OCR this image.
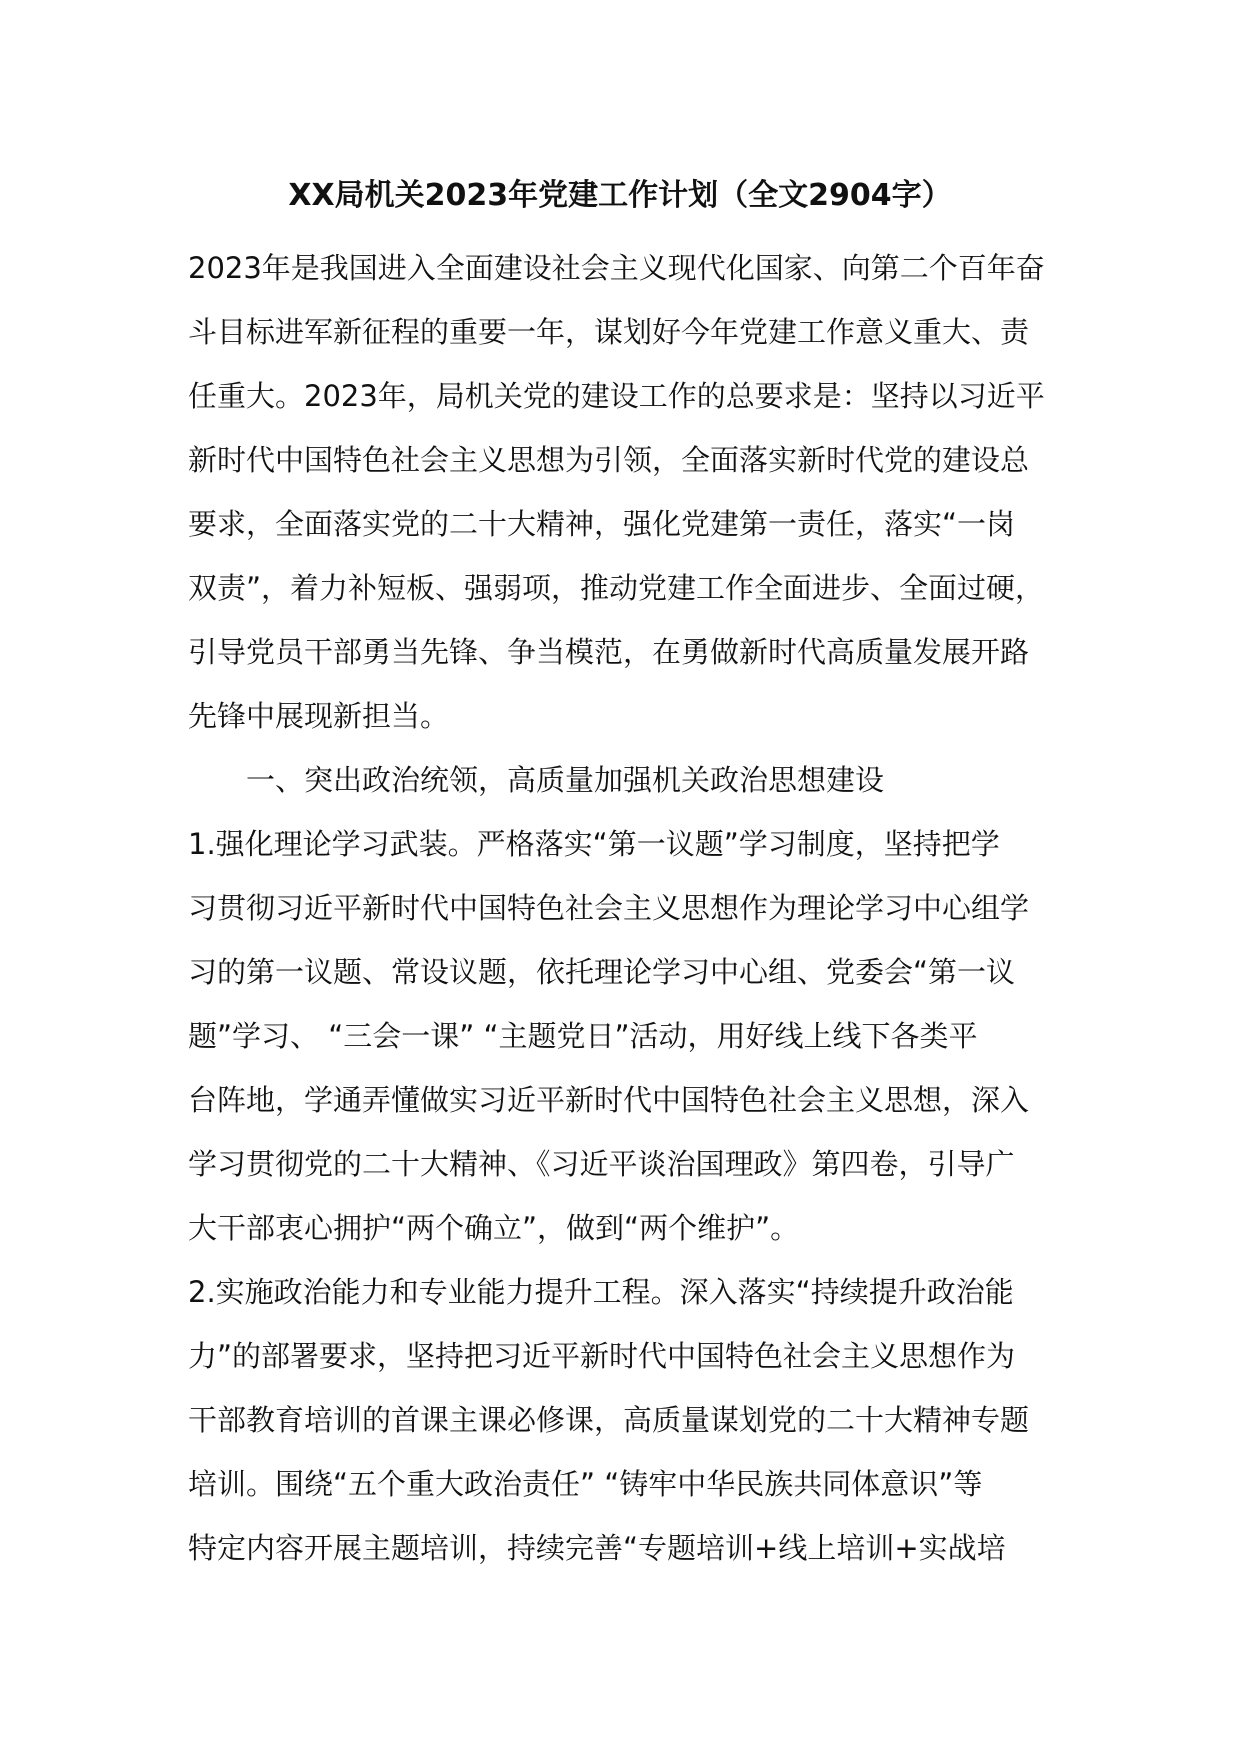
XX局机关2023年党建工作计划（全文2904字）
2023年是我国进入全面建设社会主义现代化国家、向第二个百年奋
斗目标进军新征程的重要一年，谋划好今年党建工作意义重大、责
任重大。2023年，局机关党的建设工作的总要求是：坚持以习近平
新时代中国特色社会主义思想为引领，全面落实新时代党的建设总
要求，全面落实党的二十大精神，强化党建第一责任，落实“一岗
双责”，着力补短板、强弱项，推动党建工作全面进步、全面过硬，
引导党员干部勇当先锋、争当模范，在勇做新时代高质量发展开路
先锋中展现新担当。
一、突出政治统领，高质量加强机关政治思想建设
1.强化理论学习武装。严格落实“第一议题”学习制度，坚持把学
习贯彻习近平新时代中国特色社会主义思想作为理论学习中心组学
习的第一议题、常设议题，依托理论学习中心组、党委会“第一议
题”学习、 “三会一课” “主题党日”活动，用好线上线下各类平
台阵地，学通弄懂做实习近平新时代中国特色社会主义思想，深入
学习贯彻党的二十大精神、《习近平谈治国理政》第四卷，引导广
大干部衷心拥护“两个确立”，做到“两个维护”。
2.实施政治能力和专业能力提升工程。深入落实“持续提升政治能
力”的部署要求，坚持把习近平新时代中国特色社会主义思想作为
干部教育培训的首课主课必修课，高质量谋划党的二十大精神专题
培训。围绕“五个重大政治责任” “铸牢中华民族共同体意识”等
特定内容开展主题培训，持续完善“专题培训+线上培训+实战培
